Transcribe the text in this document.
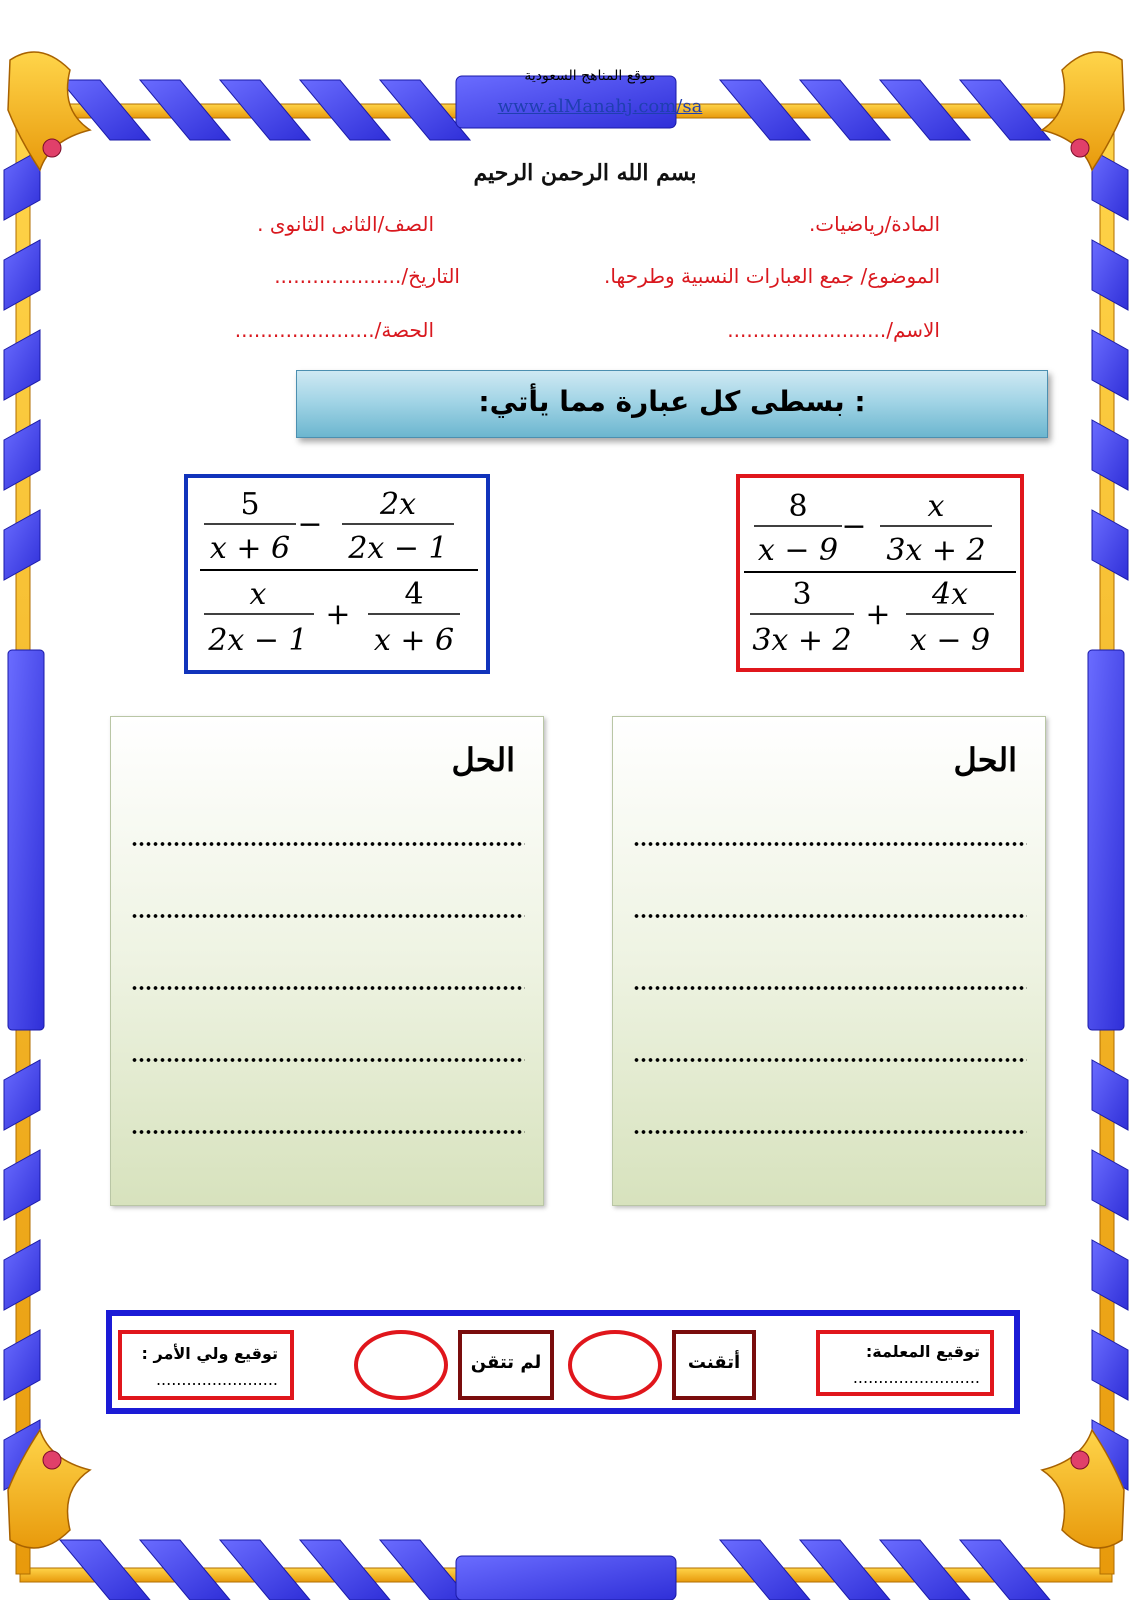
موقع المناهج السعودية
www.alManahj.com/sa
بسم الله الرحمن الرحيم
المادة/رياضيات.
الصف/الثانى الثانوى .
الموضوع/ جمع العبارات النسبية وطرحها.
التاريخ/....................
الاسم/.........................
الحصة/......................
: بسطى كل عبارة مما يأتي:
8
x − 9
−
x
3x + 2
3
3x + 2
+
4x
x − 9
5
x + 6
−
2x
2x − 1
x
2x − 1
+
4
x + 6
الحل
الحل
توقيع المعلمة:
.........................
أتقنت
لم تتقن
توقيع ولي الأمر :
........................
